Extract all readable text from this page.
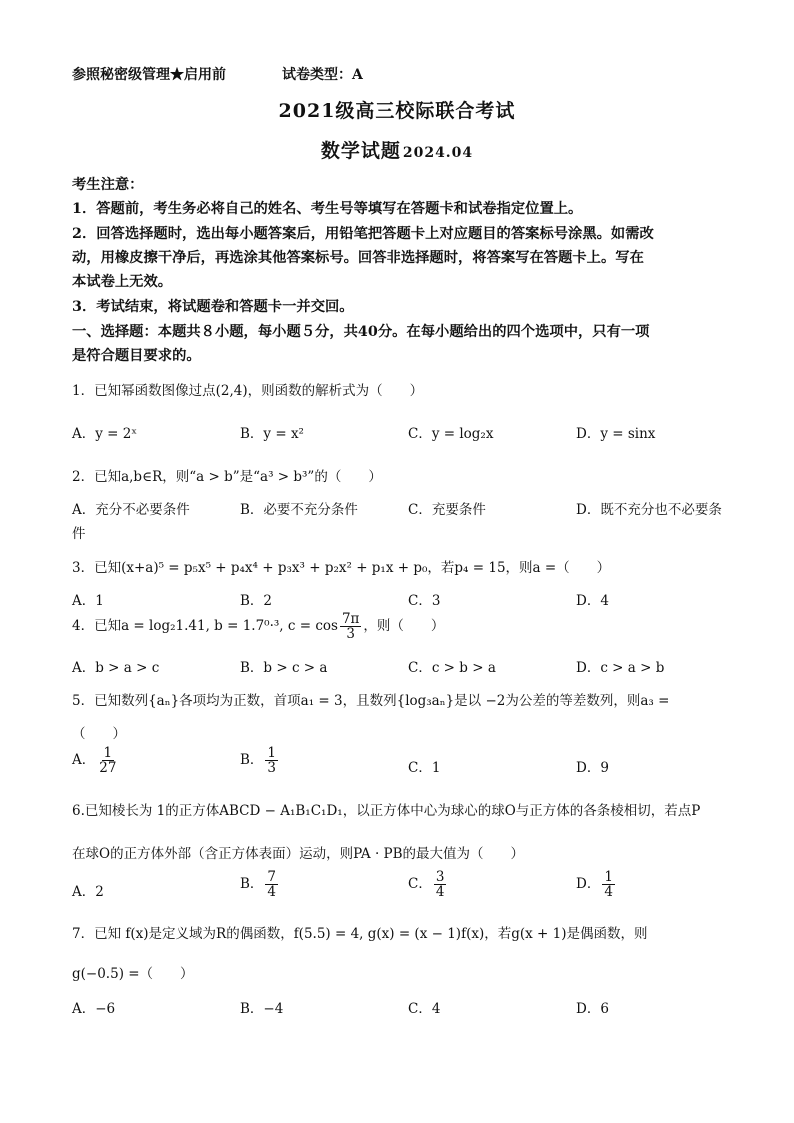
参照秘密级管理★启用前	试卷类型：A
2021级高三校际联合考试
数学试题 2024.04
考生注意：
1．答题前，考生务必将自己的姓名、考生号等填写在答题卡和试卷指定位置上。
2．回答选择题时，选出每小题答案后，用铅笔把答题卡上对应题目的答案标号涂黑。如需改
动，用橡皮擦干净后，再选涂其他答案标号。回答非选择题时，将答案写在答题卡上。写在
本试卷上无效。
3．考试结束，将试题卷和答题卡一并交回。
一、选择题：本题共８小题，每小题５分，共40分。在每小题给出的四个选项中，只有一项
是符合题目要求的。
1．已知幂函数图像过点(2,4)，则函数的解析式为（　　）
A．y = 2ˣ	B．y = x²	C．y = log₂x	D．y = sinx
2．已知a,b∈R，则“a > b”是“a³ > b³”的（　　）
A．充分不必要条件	B．必要不充分条件	C．充要条件	D．既不充分也不必要条
件
3．已知(x+a)⁵ = p₅x⁵ + p₄x⁴ + p₃x³ + p₂x² + p₁x + p₀，若p₄ = 15，则a =（　　）
A．1	B．2	C．3	D．4
4．已知a = log₂1.41, b = 1.7⁰·³, $c = \cos \frac{7\pi}{3}$ ，则（　　）
A．b > a > c	B．b > c > a	C．c > b > a	D．c > a > b
5．已知数列{aₙ}各项均为正数，首项a₁ = 3，且数列{log₃aₙ}是以 −2为公差的等差数列，则a₃ =
（　　）
A． $\frac{1}{27}$	B． $\frac{1}{3}$	C．1	D．9
6.已知棱长为 1的正方体ABCD − A₁B₁C₁D₁，以正方体中心为球心的球O与正方体的各条棱相切，若点P
在球O的正方体外部（含正方体表面）运动，则PA · PB的最大值为（　　）
A．2	B． $\frac{7}{4}$	C． $\frac{3}{4}$	D． $\frac{1}{4}$
7．已知 f(x)是定义域为R的偶函数，f(5.5) = 4, g(x) = (x − 1)f(x)，若g(x + 1)是偶函数，则
g(−0.5) =（　　）
A．−6	B．−4	C．4	D．6
